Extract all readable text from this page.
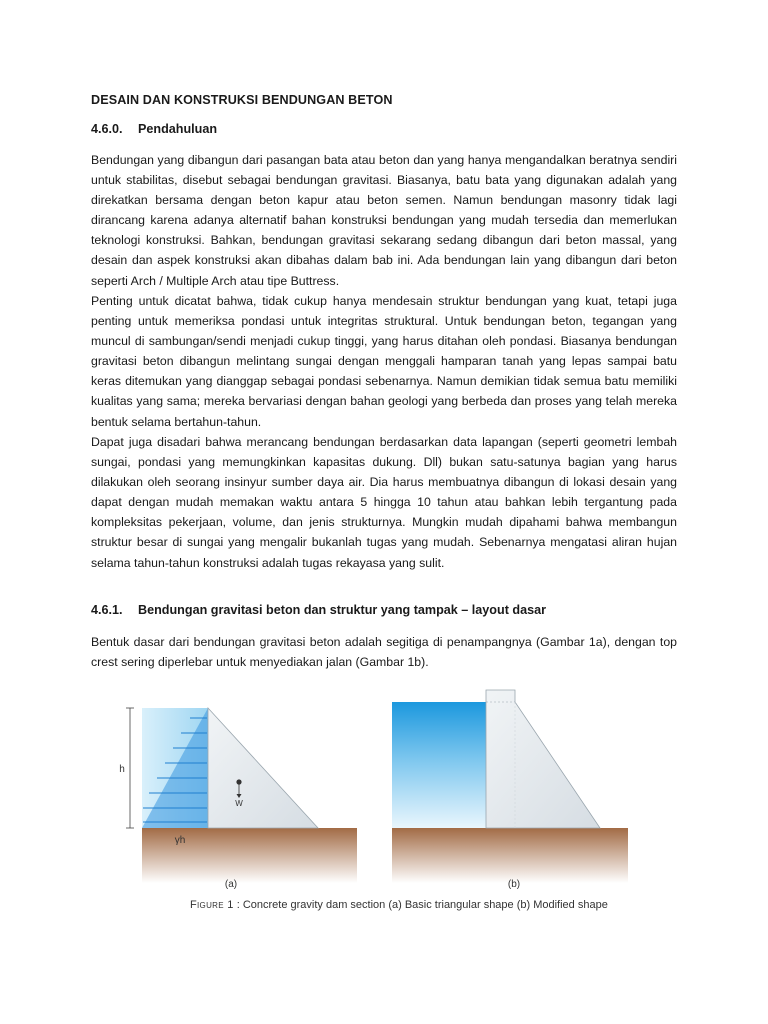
DESAIN DAN KONSTRUKSI BENDUNGAN BETON
4.6.0. Pendahuluan

Bendungan yang dibangun dari pasangan bata atau beton dan yang hanya mengandalkan beratnya sendiri untuk stabilitas, disebut sebagai bendungan gravitasi. Biasanya, batu bata yang digunakan adalah yang direkatkan bersama dengan beton kapur atau beton semen. Namun bendungan masonry tidak lagi dirancang karena adanya alternatif bahan konstruksi bendungan yang mudah tersedia dan memerlukan teknologi konstruksi. Bahkan, bendungan gravitasi sekarang sedang dibangun dari beton massal, yang desain dan aspek konstruksi akan dibahas dalam bab ini. Ada bendungan lain yang dibangun dari beton seperti Arch / Multiple Arch atau tipe Buttress.

Penting untuk dicatat bahwa, tidak cukup hanya mendesain struktur bendungan yang kuat, tetapi juga penting untuk memeriksa pondasi untuk integritas struktural. Untuk bendungan beton, tegangan yang muncul di sambungan/sendi menjadi cukup tinggi, yang harus ditahan oleh pondasi. Biasanya bendungan gravitasi beton dibangun melintang sungai dengan menggali hamparan tanah yang lepas sampai batu keras ditemukan yang dianggap sebagai pondasi sebenarnya. Namun demikian tidak semua batu memiliki kualitas yang sama; mereka bervariasi dengan bahan geologi yang berbeda dan proses yang telah mereka bentuk selama bertahun-tahun.

Dapat juga disadari bahwa merancang bendungan berdasarkan data lapangan (seperti geometri lembah sungai, pondasi yang memungkinkan kapasitas dukung. Dll) bukan satu-satunya bagian yang harus dilakukan oleh seorang insinyur sumber daya air. Dia harus membuatnya dibangun di lokasi desain yang dapat dengan mudah memakan waktu antara 5 hingga 10 tahun atau bahkan lebih tergantung pada kompleksitas pekerjaan, volume, dan jenis strukturnya. Mungkin mudah dipahami bahwa membangun struktur besar di sungai yang mengalir bukanlah tugas yang mudah. Sebenarnya mengatasi aliran hujan selama tahun-tahun konstruksi adalah tugas rekayasa yang sulit.

4.6.1. Bendungan gravitasi beton dan struktur yang tampak – layout dasar

Bentuk dasar dari bendungan gravitasi beton adalah segitiga di penampangnya (Gambar 1a), dengan top crest sering diperlebar untuk menyediakan jalan (Gambar 1b).

h
W
γh
(a)	(b)
Figure 1 : Concrete gravity dam section (a) Basic triangular shape (b) Modified shape
